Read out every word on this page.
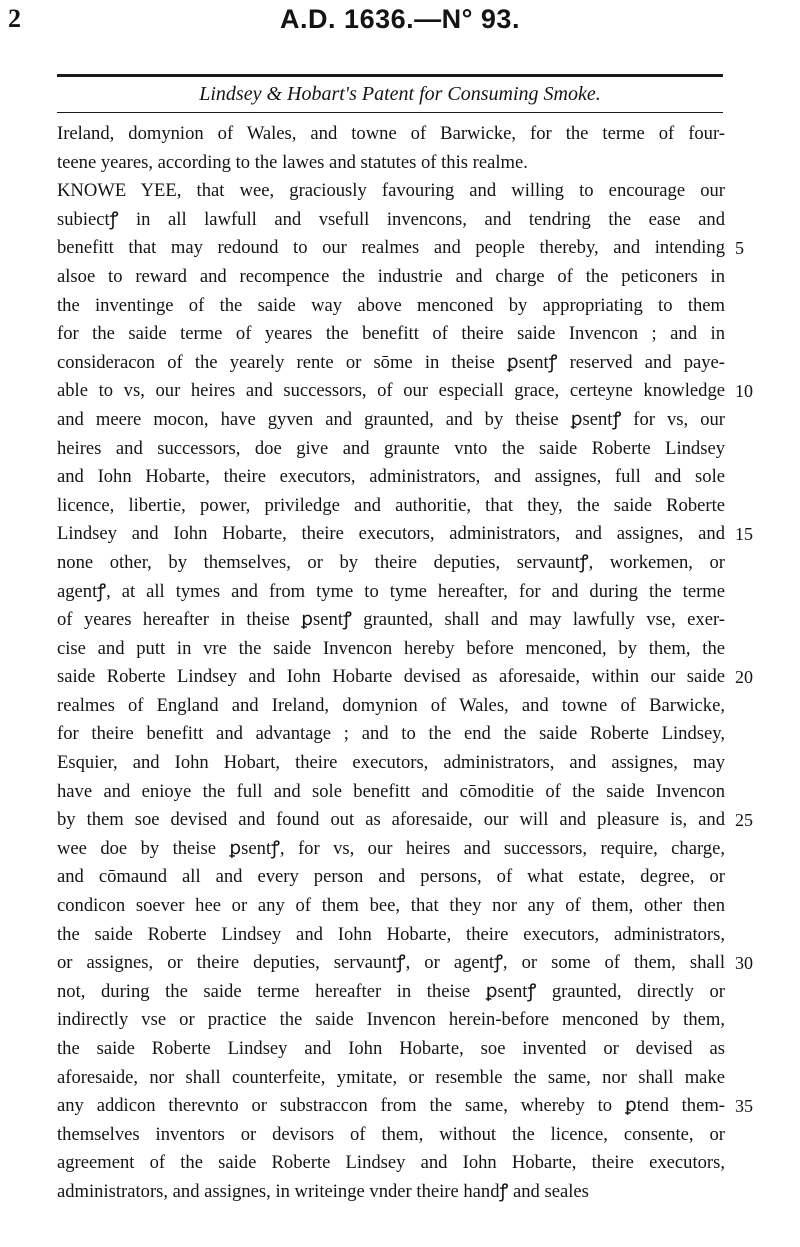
2	A.D. 1636.—N° 93.
Lindsey & Hobart's Patent for Consuming Smoke.
Ireland, domynion of Wales, and towne of Barwicke, for the terme of four-
teene yeares, according to the lawes and statutes of this realme.
KNOWE YEE, that wee, graciously favouring and willing to encourage our
subiectꝭ in all lawfull and vsefull invencons, and tendring the ease and
benefitt that may redound to our realmes and people thereby, and intending 5
alsoe to reward and recompence the industrie and charge of the peticoners in
the inventinge of the saide way above menconed by appropriating to them
for the saide terme of yeares the benefitt of theire saide Invencon ; and in
consideracon of the yearely rente or sōme in theise ꝑsentꝭ reserved and paye-
able to vs, our heires and successors, of our especiall grace, certeyne knowledge 10
and meere mocon, have gyven and graunted, and by theise ꝑsentꝭ for vs, our
heires and successors, doe give and graunte vnto the saide Roberte Lindsey
and Iohn Hobarte, theire executors, administrators, and assignes, full and sole
licence, libertie, power, priviledge and authoritie, that they, the saide Roberte
Lindsey and Iohn Hobarte, theire executors, administrators, and assignes, and 15
none other, by themselves, or by theire deputies, servauntꝭ, workemen, or
agentꝭ, at all tymes and from tyme to tyme hereafter, for and during the terme
of yeares hereafter in theise ꝑsentꝭ graunted, shall and may lawfully vse, exer-
cise and putt in vre the saide Invencon hereby before menconed, by them, the
saide Roberte Lindsey and Iohn Hobarte devised as aforesaide, within our saide 20
realmes of England and Ireland, domynion of Wales, and towne of Barwicke,
for theire benefitt and advantage ; and to the end the saide Roberte Lindsey,
Esquier, and Iohn Hobart, theire executors, administrators, and assignes, may
have and enioye the full and sole benefitt and cōmoditie of the saide Invencon
by them soe devised and found out as aforesaide, our will and pleasure is, and 25
wee doe by theise ꝑsentꝭ, for vs, our heires and successors, require, charge,
and cōmaund all and every person and persons, of what estate, degree, or
condicon soever hee or any of them bee, that they nor any of them, other then
the saide Roberte Lindsey and Iohn Hobarte, theire executors, administrators,
or assignes, or theire deputies, servauntꝭ, or agentꝭ, or some of them, shall 30
not, during the saide terme hereafter in theise ꝑsentꝭ graunted, directly or
indirectly vse or practice the saide Invencon herein-before menconed by them,
the saide Roberte Lindsey and Iohn Hobarte, soe invented or devised as
aforesaide, nor shall counterfeite, ymitate, or resemble the same, nor shall make
any addicon therevnto or substraccon from the same, whereby to ꝑtend them- 35
themselves inventors or devisors of them, without the licence, consente, or
agreement of the saide Roberte Lindsey and Iohn Hobarte, theire executors,
administrators, and assignes, in writeinge vnder theire handꝭ and seales
